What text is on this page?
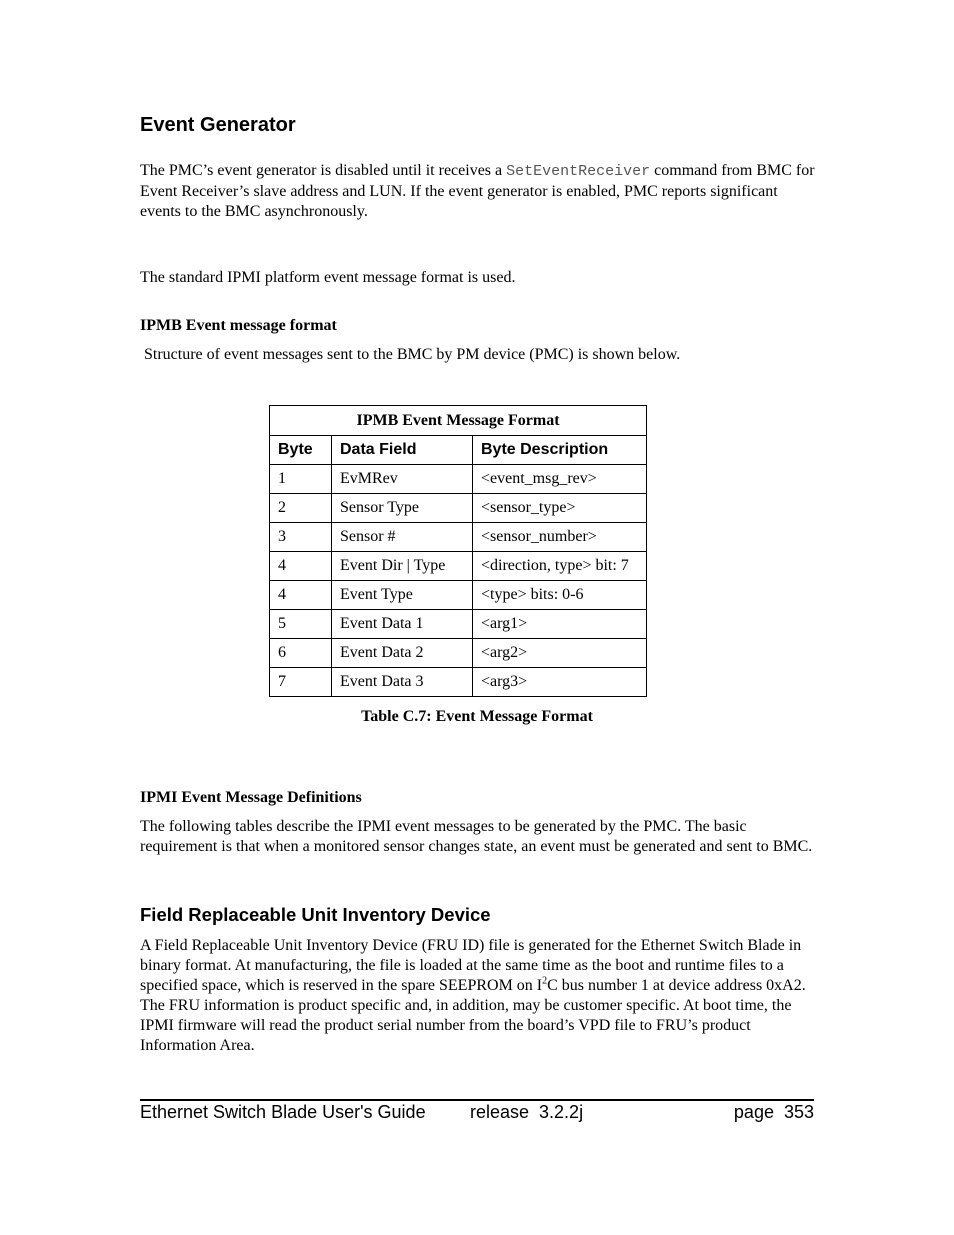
Event Generator
The PMC’s event generator is disabled until it receives a SetEventReceiver command from BMC for Event Receiver’s slave address and LUN. If the event generator is enabled, PMC reports significant events to the BMC asynchronously.
The standard IPMI platform event message format is used.
IPMB Event message format
Structure of event messages sent to the BMC by PM device (PMC) is shown below.
IPMB Event Message Format		
Byte	Data Field	Byte Description
1	EvMRev	<event_msg_rev>
2	Sensor Type	<sensor_type>
3	Sensor #	<sensor_number>
4	Event Dir | Type	<direction, type> bit: 7
4	Event Type	<type> bits: 0-6
5	Event Data 1	<arg1>
6	Event Data 2	<arg2>
7	Event Data 3	<arg3>
Table C.7: Event Message Format
IPMI Event Message Definitions
The following tables describe the IPMI event messages to be generated by the PMC. The basic requirement is that when a monitored sensor changes state, an event must be generated and sent to BMC.
Field Replaceable Unit Inventory Device
A Field Replaceable Unit Inventory Device (FRU ID) file is generated for the Ethernet Switch Blade in binary format. At manufacturing, the file is loaded at the same time as the boot and runtime files to a specified space, which is reserved in the spare SEEPROM on $I^2C$ bus number 1 at device address 0xA2. The FRU information is product specific and, in addition, may be customer specific. At boot time, the IPMI firmware will read the product serial number from the board’s VPD file to FRU’s product Information Area.
Ethernet Switch Blade User's Guide release  3.2.2j	page  353
